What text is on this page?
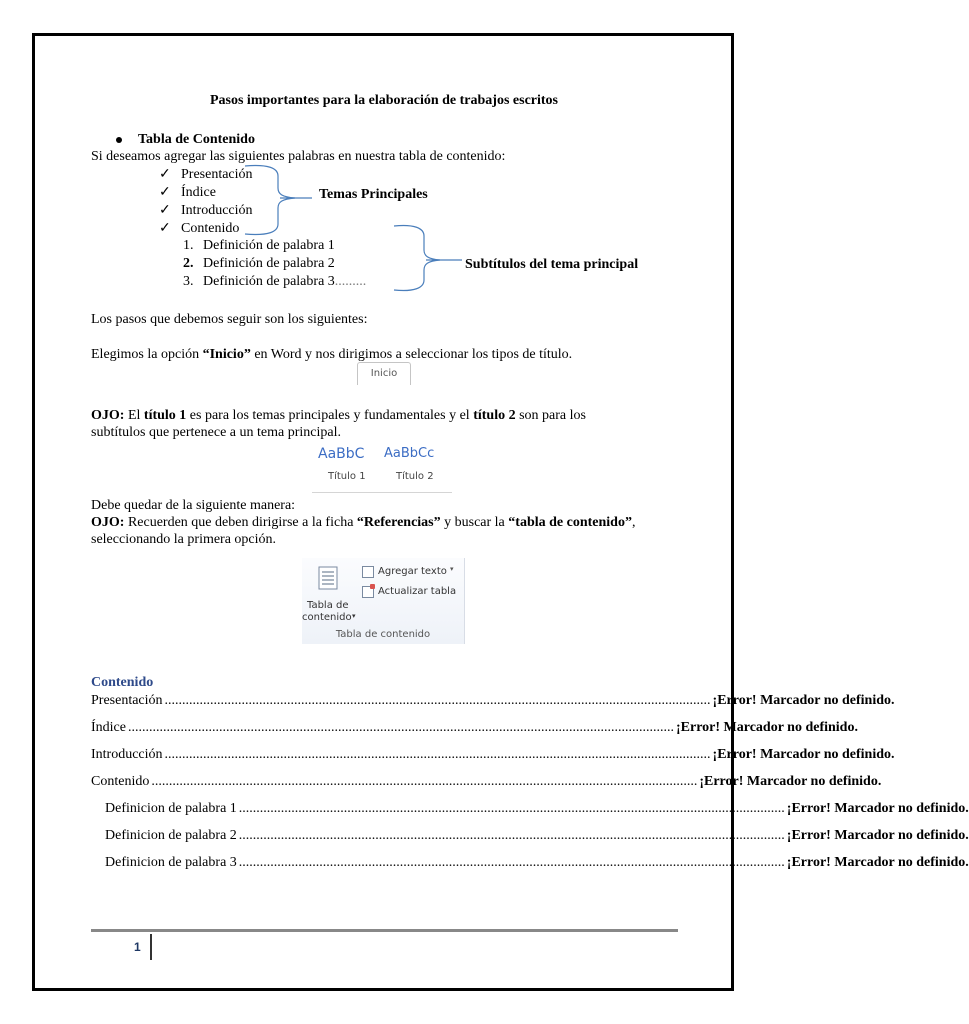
Pasos importantes para la elaboración de trabajos escritos
Tabla de Contenido
Si deseamos agregar las siguientes palabras en nuestra tabla de contenido:
✓ Presentación
✓ Índice
✓ Introducción
✓ Contenido
1. Definición de palabra 1
2. Definición de palabra 2
3. Definición de palabra 3.........
Temas Principales
Subtítulos del tema principal
Los pasos que debemos seguir son los siguientes:
Elegimos la opción “Inicio” en Word y nos dirigimos a seleccionar los tipos de título.
Inicio
OJO: El título 1 es para los temas principales y fundamentales y el título 2 son para los
subtítulos que pertenece a un tema principal.
AaBbC	AaBbCc
Título 1	Título 2
Debe quedar de la siguiente manera:
OJO: Recuerden que deben dirigirse a la ficha “Referencias” y buscar la “tabla de contenido”,
seleccionando la primera opción.
Tabla de
contenido ▾
Agregar texto ▾
Actualizar tabla
Tabla de contenido
Contenido
Presentación ............................................................................................................................................................ ¡Error! Marcador no definido.
Índice ............................................................................................................................................................ ¡Error! Marcador no definido.
Introducción ............................................................................................................................................................ ¡Error! Marcador no definido.
Contenido ............................................................................................................................................................ ¡Error! Marcador no definido.
Definicion de palabra 1 ............................................................................................................................................................ ¡Error! Marcador no definido.
Definicion de palabra 2 ............................................................................................................................................................ ¡Error! Marcador no definido.
Definicion de palabra 3 ............................................................................................................................................................ ¡Error! Marcador no definido.
1
